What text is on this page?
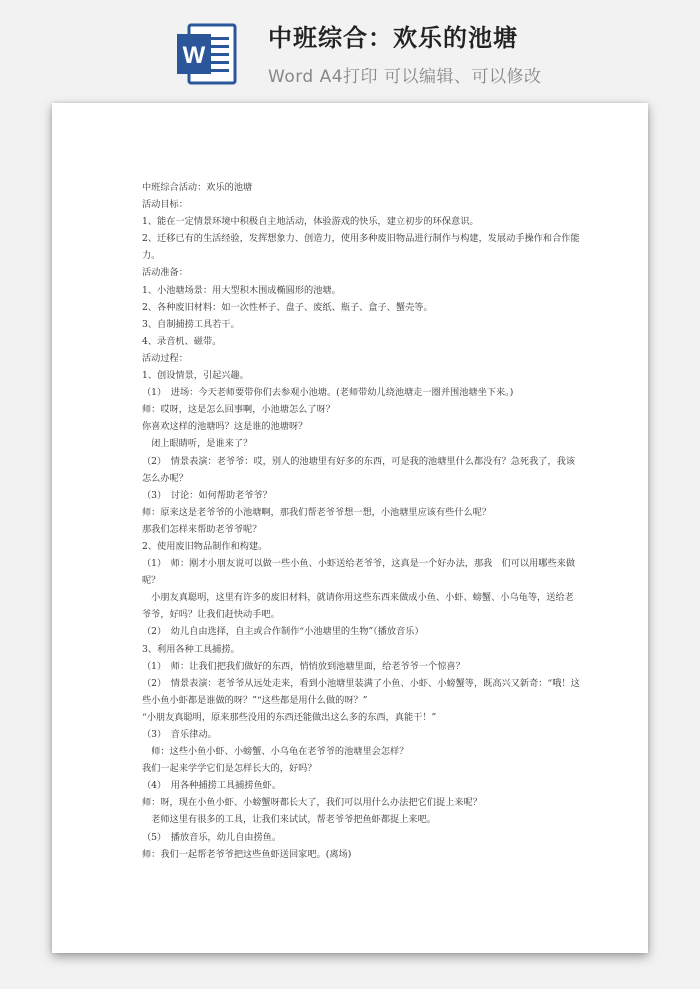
W
中班综合：欢乐的池塘
Word A4打印 可以编辑、可以修改

中班综合活动：欢乐的池塘

活动目标：

1、能在一定情景环境中积极自主地活动，体验游戏的快乐，建立初步的环保意识。

2、迁移已有的生活经验，发挥想象力、创造力，使用多种废旧物品进行制作与构建，发展动手操作和合作能力。

活动准备：

1、小池塘场景：用大型积木围成椭圆形的池塘。

2、各种废旧材料：如一次性杯子、盘子、废纸、瓶子、盒子、蟹壳等。

3、自制捕捞工具若干。

4、录音机、磁带。

活动过程：

1、创设情景，引起兴趣。

（1）　进场：今天老师要带你们去参观小池塘。(老师带幼儿绕池塘走一圈并围池塘坐下来。)

师：哎呀，这是怎么回事啊，小池塘怎么了呀？

你喜欢这样的池塘吗？这是谁的池塘呀？

　闭上眼睛听，是谁来了？

（2）　情景表演：老爷爷：哎，别人的池塘里有好多的东西，可是我的池塘里什么都没有？急死我了，我该怎么办呢？

（3）　讨论：如何帮助老爷爷？

师：原来这是老爷爷的小池塘啊，那我们帮老爷爷想一想，小池塘里应该有些什么呢？

那我们怎样来帮助老爷爷呢？

2、使用废旧物品制作和构建。

（1）　师：刚才小朋友说可以做一些小鱼、小虾送给老爷爷，这真是一个好办法，那我　们可以用哪些来做呢？

　小朋友真聪明，这里有许多的废旧材料，就请你用这些东西来做成小鱼、小虾、螃蟹、小乌龟等，送给老爷爷，好吗？让我们赶快动手吧。

（2）　幼儿自由选择，自主或合作制作“小池塘里的生物”（播放音乐）

3、利用各种工具捕捞。

（1）　师：让我们把我们做好的东西，悄悄放到池塘里面，给老爷爷一个惊喜？

（2）　情景表演：老爷爷从远处走来，看到小池塘里装满了小鱼、小虾、小螃蟹等，既高兴又新奇：“哦！这些小鱼小虾都是谁做的呀？”“这些都是用什么做的呀？”

“小朋友真聪明，原来那些没用的东西还能做出这么多的东西，真能干！”

（3）　音乐律动。

　师：这些小鱼小虾、小螃蟹、小乌龟在老爷爷的池塘里会怎样？

我们一起来学学它们是怎样长大的，好吗？

（4）　用各种捕捞工具捕捞鱼虾。

师：呀，现在小鱼小虾、小螃蟹呀都长大了，我们可以用什么办法把它们捉上来呢？

　老师这里有很多的工具，让我们来试试，帮老爷爷把鱼虾都捉上来吧。

（5）　播放音乐，幼儿自由捞鱼。

师：我们一起帮老爷爷把这些鱼虾送回家吧。(离场)
